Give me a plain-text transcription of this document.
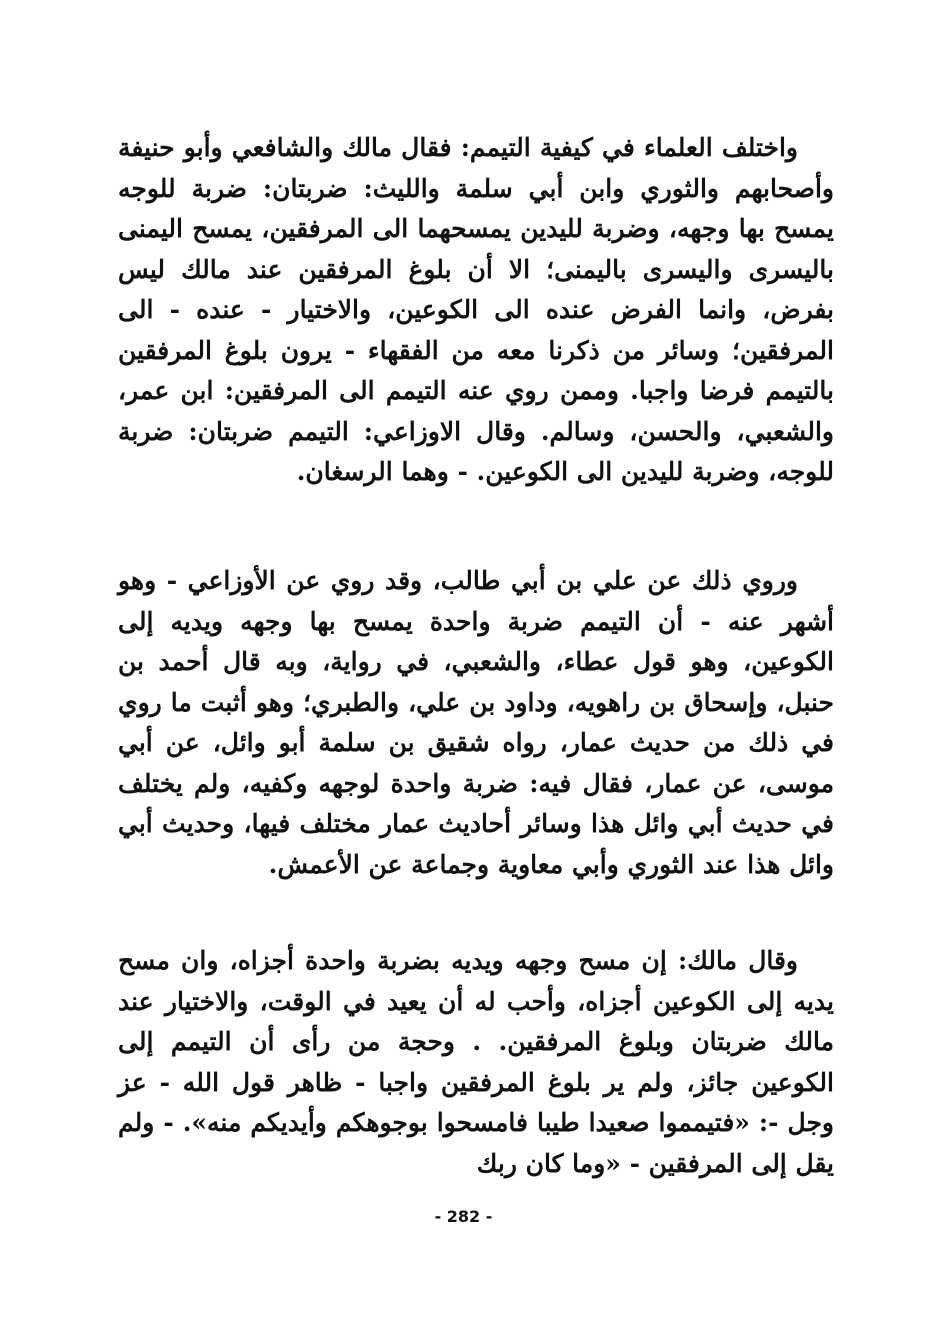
واختلف العلماء في كيفية التيمم: فقال مالك والشافعي وأبو حنيفة وأصحابهم والثوري وابن أبي سلمة والليث: ضربتان: ضربة للوجه يمسح بها وجهه، وضربة لليدين يمسحهما الى المرفقين، يمسح اليمنى باليسرى واليسرى باليمنى؛ الا أن بلوغ المرفقين عند مالك ليس بفرض، وانما الفرض عنده الى الكوعين، والاختيار - عنده - الى المرفقين؛ وسائر من ذكرنا معه من الفقهاء - يرون بلوغ المرفقين بالتيمم فرضا واجبا. وممن روي عنه التيمم الى المرفقين: ابن عمر، والشعبي، والحسن، وسالم. وقال الاوزاعي: التيمم ضربتان: ضربة للوجه، وضربة لليدين الى الكوعين. - وهما الرسغان.

وروي ذلك عن علي بن أبي طالب، وقد روي عن الأوزاعي - وهو أشهر عنه - أن التيمم ضربة واحدة يمسح بها وجهه ويديه إلى الكوعين، وهو قول عطاء، والشعبي، في رواية، وبه قال أحمد بن حنبل، وإسحاق بن راهويه، وداود بن علي، والطبري؛ وهو أثبت ما روي في ذلك من حديث عمار، رواه شقيق بن سلمة أبو وائل، عن أبي موسى، عن عمار، فقال فيه: ضربة واحدة لوجهه وكفيه، ولم يختلف في حديث أبي وائل هذا وسائر أحاديث عمار مختلف فيها، وحديث أبي وائل هذا عند الثوري وأبي معاوية وجماعة عن الأعمش.

وقال مالك: إن مسح وجهه ويديه بضربة واحدة أجزاه، وان مسح يديه إلى الكوعين أجزاه، وأحب له أن يعيد في الوقت، والاختيار عند مالك ضربتان وبلوغ المرفقين. . وحجة من رأى أن التيمم إلى الكوعين جائز، ولم ير بلوغ المرفقين واجبا - ظاهر قول الله - عز وجل -: «فتيمموا صعيدا طيبا فامسحوا بوجوهكم وأيديكم منه». - ولم يقل إلى المرفقين - «وما كان ربك

- 282 -
